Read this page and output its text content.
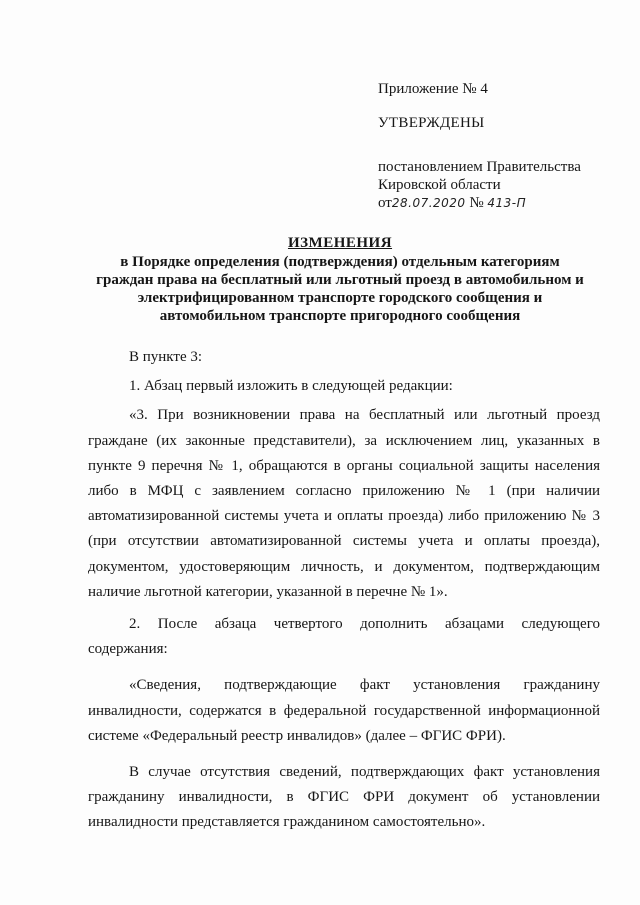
Приложение № 4

УТВЕРЖДЕНЫ

постановлением Правительства
Кировской области
от28.07.2020 № 413-П

ИЗМЕНЕНИЯ
в Порядке определения (подтверждения) отдельным категориям
граждан права на бесплатный или льготный проезд в автомобильном и
электрифицированном транспорте городского сообщения и
автомобильном транспорте пригородного сообщения

В пункте 3:

1. Абзац первый изложить в следующей редакции:

«3. При возникновении права на бесплатный или льготный проезд граждане (их законные представители), за исключением лиц, указанных в пункте 9 перечня № 1, обращаются в органы социальной защиты населения либо в МФЦ с заявлением согласно приложению № 1 (при наличии автоматизированной системы учета и оплаты проезда) либо приложению № 3 (при отсутствии автоматизированной системы учета и оплаты проезда), документом, удостоверяющим личность, и документом, подтверждающим наличие льготной категории, указанной в перечне № 1».

2. После абзаца четвертого дополнить абзацами следующего содержания:

«Сведения, подтверждающие факт установления гражданину инвалидности, содержатся в федеральной государственной информационной системе «Федеральный реестр инвалидов» (далее – ФГИС ФРИ).

В случае отсутствия сведений, подтверждающих факт установления гражданину инвалидности, в ФГИС ФРИ документ об установлении инвалидности представляется гражданином самостоятельно».
